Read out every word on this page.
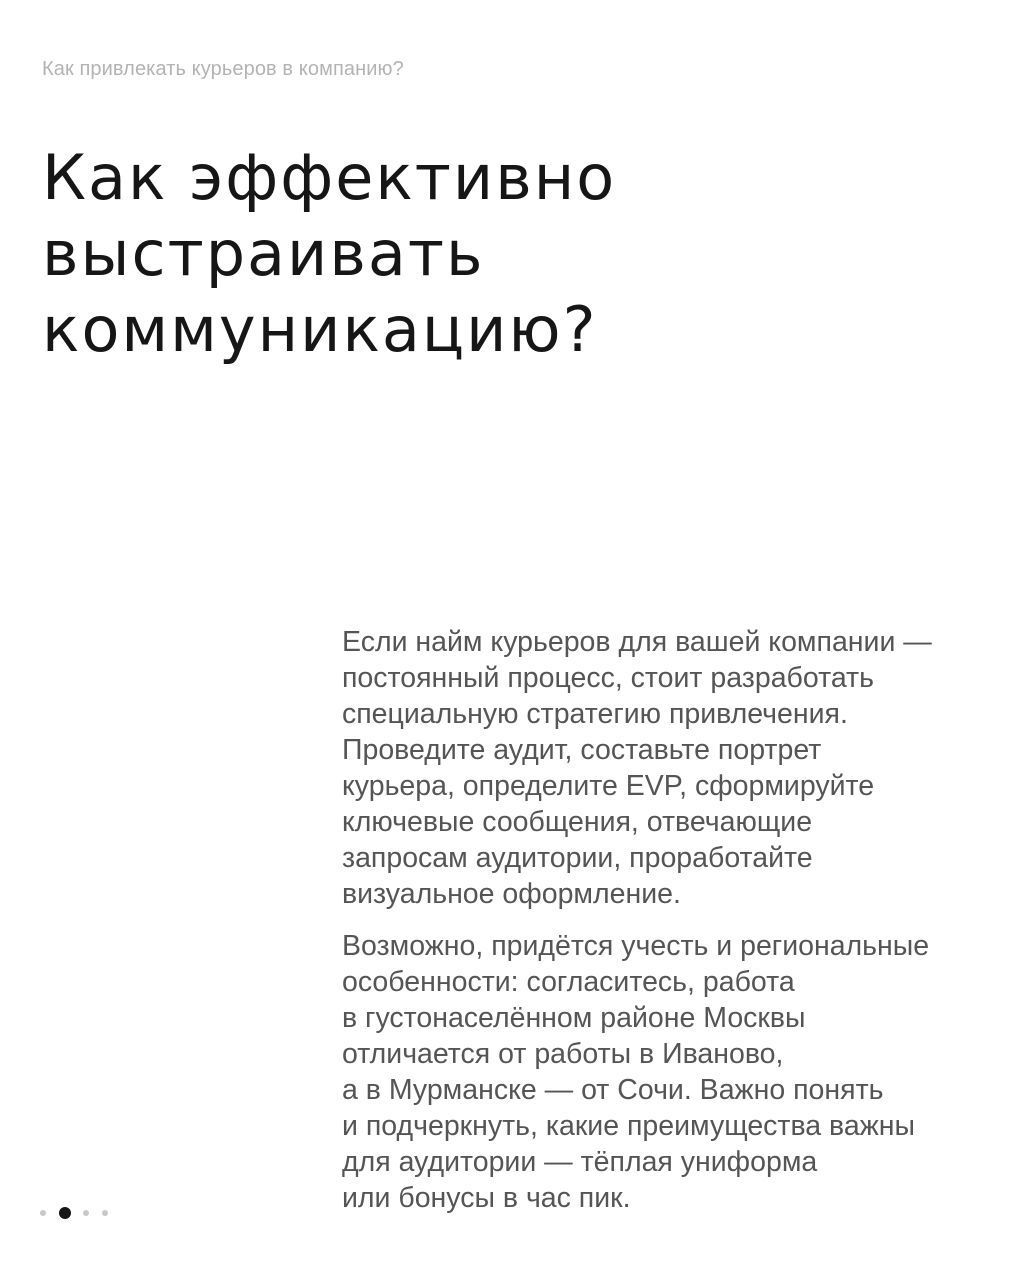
Как привлекать курьеров в компанию?
Как эффективно
выстраивать
коммуникацию?

Если найм курьеров для вашей компании —
постоянный процесс, стоит разработать
специальную стратегию привлечения.
Проведите аудит, составьте портрет
курьера, определите EVP, сформируйте
ключевые сообщения, отвечающие
запросам аудитории, проработайте
визуальное оформление.

Возможно, придётся учесть и региональные
особенности: согласитесь, работа
в густонаселённом районе Москвы
отличается от работы в Иваново,
а в Мурманске — от Сочи. Важно понять
и подчеркнуть, какие преимущества важны
для аудитории — тёплая униформа
или бонусы в час пик.
